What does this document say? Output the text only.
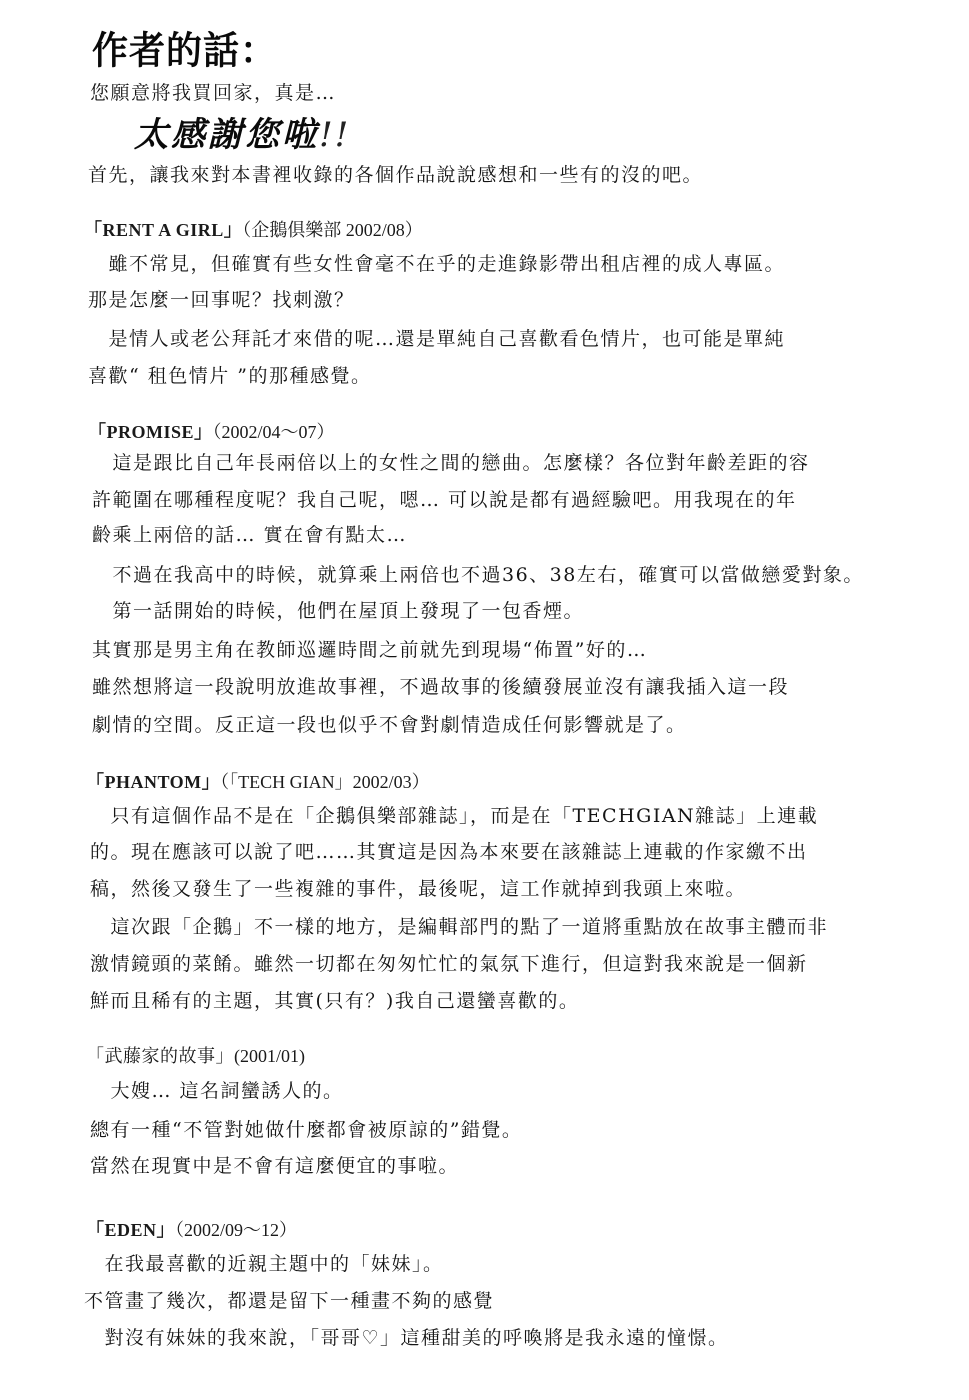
作者的話：
您願意將我買回家，真是…
太感謝您啦!!
首先，讓我來對本書裡收錄的各個作品說說感想和一些有的沒的吧。
「RENT A GIRL」（企鵝俱樂部 2002/08）
　雖不常見，但確實有些女性會毫不在乎的走進錄影帶出租店裡的成人專區。
那是怎麼一回事呢？找刺激？
　是情人或老公拜託才來借的呢…還是單純自己喜歡看色情片，也可能是單純
喜歡“ 租色情片 ”的那種感覺。
「PROMISE」（2002/04～07）
　這是跟比自己年長兩倍以上的女性之間的戀曲。怎麼樣？各位對年齡差距的容
許範圍在哪種程度呢？我自己呢，嗯… 可以說是都有過經驗吧。用我現在的年
齡乘上兩倍的話… 實在會有點太…
　不過在我高中的時候，就算乘上兩倍也不過36、38左右，確實可以當做戀愛對象。
　第一話開始的時候，他們在屋頂上發現了一包香煙。
其實那是男主角在教師巡邏時間之前就先到現場“佈置”好的…
雖然想將這一段說明放進故事裡，不過故事的後續發展並沒有讓我插入這一段
劇情的空間。反正這一段也似乎不會對劇情造成任何影響就是了。
「PHANTOM」（「TECH GIAN」2002/03）
　只有這個作品不是在「企鵝俱樂部雜誌」，而是在「TECHGIAN雜誌」上連載
的。現在應該可以說了吧……其實這是因為本來要在該雜誌上連載的作家繳不出
稿，然後又發生了一些複雜的事件，最後呢，這工作就掉到我頭上來啦。
　這次跟「企鵝」不一樣的地方，是編輯部門的點了一道將重點放在故事主體而非
激情鏡頭的菜餚。雖然一切都在匆匆忙忙的氣氛下進行，但這對我來說是一個新
鮮而且稀有的主題，其實(只有？)我自己還蠻喜歡的。
「武藤家的故事」(2001/01)
　大嫂… 這名詞蠻誘人的。
總有一種“不管對她做什麼都會被原諒的”錯覺。
當然在現實中是不會有這麼便宜的事啦。
「EDEN」（2002/09～12）
　在我最喜歡的近親主題中的「妹妹」。
不管畫了幾次，都還是留下一種畫不夠的感覺
　對沒有妹妹的我來說，「哥哥♡」這種甜美的呼喚將是我永遠的憧憬。
